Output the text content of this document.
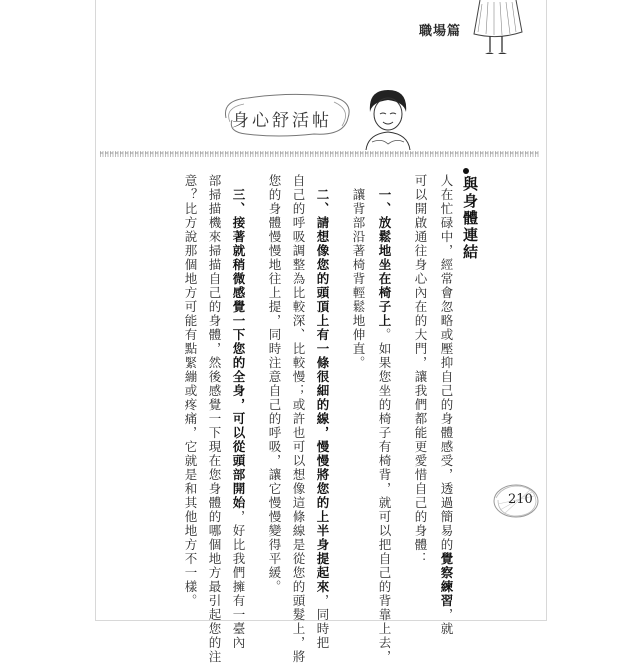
職場篇
身心舒活帖
與身體連結
人在忙碌中，經常會忽略或壓抑自己的身體感受，透過簡易的覺察練習，就
可以開啟通往身心內在的大門，讓我們都能更愛惜自己的身體：
一、放鬆地坐在椅子上。如果您坐的椅子有椅背，就可以把自己的背靠上去，
讓背部沿著椅背輕鬆地伸直。
二、請想像您的頭頂上有一條很細的線，慢慢將您的上半身提起來，同時把
自己的呼吸調整為比較深、比較慢；或許也可以想像這條線是從您的頭髮上，將
您的身體慢慢地往上提，同時注意自己的呼吸，讓它慢慢變得平緩。
三、接著就稍微感覺一下您的全身，可以從頭部開始，好比我們擁有一臺內
部掃描機來掃描自己的身體，然後感覺一下現在您身體的哪個地方最引起您的注
意？比方說那個地方可能有點緊繃或疼痛，它就是和其他地方不一樣。	210
